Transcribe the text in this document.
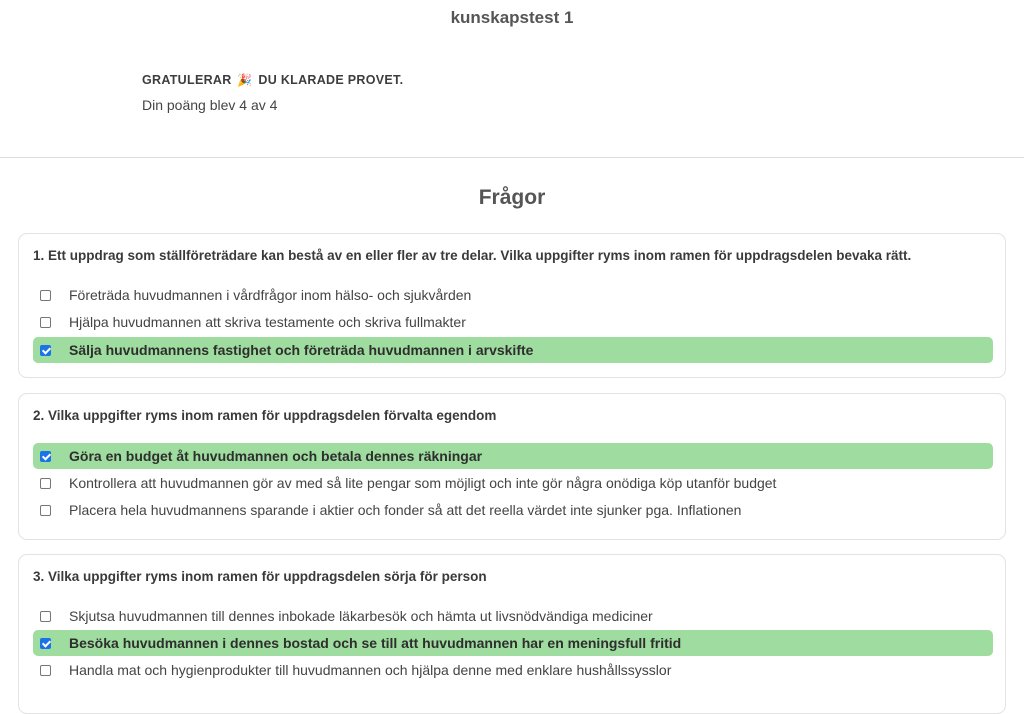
kunskapstest 1
GRATULERAR 🎉 DU KLARADE PROVET.
Din poäng blev 4 av 4
Frågor
1. Ett uppdrag som ställföreträdare kan bestå av en eller fler av tre delar. Vilka uppgifter ryms inom ramen för uppdragsdelen bevaka rätt.
Företräda huvudmannen i vårdfrågor inom hälso- och sjukvården
Hjälpa huvudmannen att skriva testamente och skriva fullmakter
Sälja huvudmannens fastighet och företräda huvudmannen i arvskifte
2. Vilka uppgifter ryms inom ramen för uppdragsdelen förvalta egendom
Göra en budget åt huvudmannen och betala dennes räkningar
Kontrollera att huvudmannen gör av med så lite pengar som möjligt och inte gör några onödiga köp utanför budget
Placera hela huvudmannens sparande i aktier och fonder så att det reella värdet inte sjunker pga. Inflationen
3. Vilka uppgifter ryms inom ramen för uppdragsdelen sörja för person
Skjutsa huvudmannen till dennes inbokade läkarbesök och hämta ut livsnödvändiga mediciner
Besöka huvudmannen i dennes bostad och se till att huvudmannen har en meningsfull fritid
Handla mat och hygienprodukter till huvudmannen och hjälpa denne med enklare hushållssysslor
